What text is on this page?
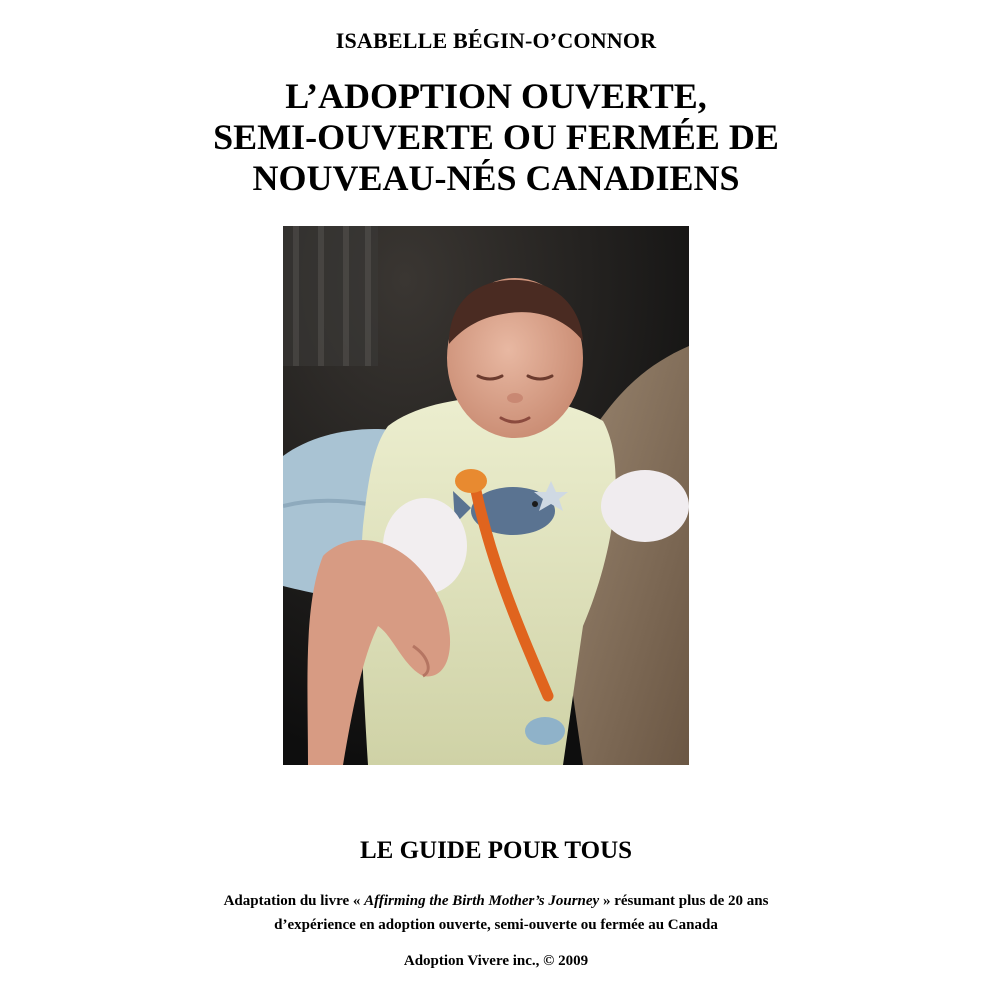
ISABELLE BÉGIN-O’CONNOR
L’ADOPTION OUVERTE,
SEMI-OUVERTE OU FERMÉE DE
NOUVEAU-NÉS CANADIENS
LE GUIDE POUR TOUS
Adaptation du livre « Affirming the Birth Mother’s Journey » résumant plus de 20 ans
d’expérience en adoption ouverte, semi-ouverte ou fermée au Canada
Adoption Vivere inc., © 2009
